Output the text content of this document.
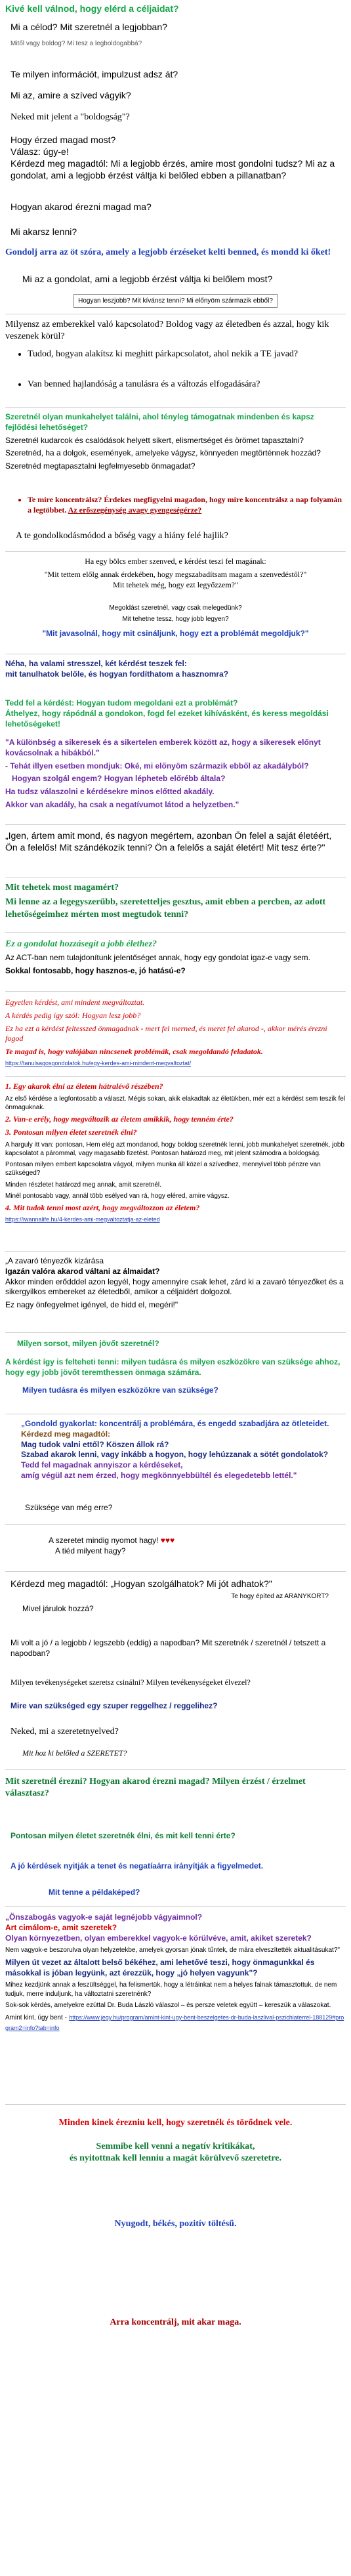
Kivé kell válnod, hogy elérd a céljaidat?

Mi a célod? Mit szeretnél a legjobban?

Mitől vagy boldog? Mi tesz a legboldogabbá?

Te milyen információt, impulzust adsz át?

Mi az, amire a szíved vágyik?

Neked mit jelent a "boldogság"?

Hogy érzed magad most?

Válasz: úgy-e!

Kérdezd meg magadtól: Mi a legjobb érzés, amire most gondolni tudsz? Mi az a gondolat, ami a legjobb érzést váltja ki belőled ebben a pillanatban?

Hogyan akarod érezni magad ma?

Mi akarsz lenni?

Gondolj arra az öt szóra, amely a legjobb érzéseket kelti benned, és mondd ki őket!

Mi az a gondolat, ami a legjobb érzést váltja ki belőlem most?

Hogyan leszjobb? Mit kívánsz tenni? Mi előnyöm származik ebből?

Milyensz az emberekkel való kapcsolatod? Boldog vagy az életedben és azzal, hogy kik veszenek körül?

• Tudod, hogyan alakítsz ki meghitt párkapcsolatot, ahol nekik a TE javad?
• Van benned hajlandóság a tanulásra és a változás elfogadására?

Szeretnél olyan munkahelyet találni, ahol tényleg támogatnak mindenben és kapsz fejlődési lehetőséget?

Szeretnél kudarcok és csalódások helyett sikert, elismertséget és örömet tapasztalni?

Szeretnéd, ha a dolgok, események, amelyeke vágysz, könnyeden megtörténnek hozzád?

Szeretnéd megtapasztalni legfelmyesebb önmagadat?

• Te mire koncentrálsz? Érdekes megfigyelni magadon, hogy mire koncentrálsz a nap folyamán a legtöbbet. Az erőszegénység avagy gyengeségérze?

A te gondolkodásmódod a bőség vagy a hiány felé hajlik?

Ha egy bölcs ember szenved, e kérdést teszi fel magának:

"Mit tettem előlg annak érdekében, hogy megszabadítsam magam a szenvedéstől?"

Mit tehetek még, hogy ezt legyőzzem?"

Megoldást szeretnél, vagy csak melegedünk?

Mit tehetne tessz, hogy jobb legyen?

"Mit javasolnál, hogy mit csináljunk, hogy ezt a problémát megoldjuk?"

Néha, ha valami stresszel, két kérdést teszek fel:

mit tanulhatok belőle, és hogyan fordíthatom a hasznomra?

Tedd fel a kérdést: Hogyan tudom megoldani ezt a problémát?

Áthelyez, hogy rápódnál a gondokon, fogd fel ezeket kihívásként, és keress megoldási lehetőségeket!

"A különbség a sikeresek és a sikertelen emberek között az, hogy a sikeresek előnyt kovácsolnak a hibákból."

- Tehát illyen esetben mondjuk: Oké, mi előnyöm származik ebből az akadályból?

Hogyan szolgál engem? Hogyan lépheteb előrébb általa?

Ha tudsz válaszolni e kérdésekre minos előtted akadály.

Akkor van akadály, ha csak a negatívumot látod a helyzetben."

„Igen, ártem amit mond, és nagyon megértem, azonban Ön felel a saját életéért, Ön a felelős! Mit szándékozik tenni? Ön a felelős a saját életért! Mit tesz érte?"

Mit tehetek most magamért?

Mi lenne az a legegyszerűbb, szeretetteljes gesztus, amit ebben a percben, az adott lehetőségeimhez mérten most megtudok tenni?

Ez a gondolat hozzásegít a jobb élethez?

Az ACT-ban nem tulajdonítunk jelentőséget annak, hogy egy gondolat igaz-e vagy sem.

Sokkal fontosabb, hogy hasznos-e, jó hatású-e?

Egyetlen kérdést, ami mindent megváltoztat.

A kérdés pedig így szól: Hogyan lesz jobb?

Ez ha ezt a kérdést feltesszed önmagadnak - mert fel merned, és meret fel akarod -, akkor mérés érezni fogod

Te magad is, hogy valójában nincsenek problémák, csak megoldandó feladatok.

https://tanulsagosgondolatok.hu/egy-kerdes-ami-mindent-megvaltoztat/

1. Egy akarok élni az életem hátralévő részében?

Az első kérdése a legfontosabb a választ. Mégis sokan, akik elakadtak az életükben, mér ezt a kérdést sem teszik fel önmaguknak.

2. Van-e erély, hogy megváltozik az életem amikkik, hogy tenném érte?

3. Pontosan milyen életet szeretnék élni?

A harguly itt van: pontosan, Hem elég azt mondanod, hogy boldog szeretnék lenni, jobb munkahelyet szeretnék, jobb kapcsolatot a párommal, vagy magasabb fizetést. Pontosan határozd meg, mit jelent számodra a boldogság.

Pontosan milyen embert kapcsolatra vágyol, milyen munka áll közel a szívedhez, mennyivel több pénzre van szükséged?

Minden részletet határozd meg annak, amit szeretnél.

Minél pontosabb vagy, annál több esélyed van rá, hogy eléred, amire vágysz.

4. Mit tudok tenni most azért, hogy megváltozzon az életem?

https://iwannalife.hu/4-kerdes-ami-megvaltoztatja-az-eleted

„A zavaró tényezők kizárása

Igazán valóra akarod váltani az álmaidat?

Akkor minden erődddel azon legyél, hogy amennyire csak lehet, zárd ki a zavaró tényezőket és a sikergyilkos embereket az életedből, amikor a céljaidért dolgozol.

Ez nagy önfegyelmet igényel, de hidd el, megéri!"

Milyen sorsot, milyen jövőt szeretnél?

A kérdést így is felteheti tenni: milyen tudásra és milyen eszközökre van szüksége ahhoz, hogy egy jobb jövőt teremthessen önmaga számára.

Milyen tudásra és milyen eszközökre van szüksége?

„Gondold gyakorlat: koncentrálj a problémára, és engedd szabadjára az ötleteidet.

Kérdezd meg magadtól:

Mag tudok valni ettől? Köszen állok rá?

Szabad akarok lenni, vagy inkább a hogyon, hogy lehúzzanak a sötét gondolatok?

Tedd fel magadnak annyiszor a kérdéseket,

amíg végül azt nem érzed, hogy megkönnyebbültél és elegedetebb lettél."

Szüksége van még erre?

A szeretet mindig nyomot hagy! ♥♥♥

A tiéd milyent hagy?

Kérdezd meg magadtól: „Hogyan szolgálhatok? Mi jót adhatok?"

Te hogy építed az ARANYKORT?

Mivel járulok hozzá?

Mi volt a jó / a legjobb / legszebb (eddig) a napodban? Mit szeretnék / szeretnél / tetszett a napodban?

Milyen tevékenységeket szeretsz csinálni? Milyen tevékenységeket élvezel?

Mire van szükséged egy szuper reggelhez / reggelihez?

Neked, mi a szeretetnyelved?

Mit hoz ki belőled a SZERETET?

Mit szeretnél érezni? Hogyan akarod érezni magad? Milyen érzést / érzelmet választasz?

Pontosan milyen életet szeretnék élni, és mit kell tenni érte?

A jó kérdések nyitják a tenet és negatíaárra irányítják a figyelmedet.

Mit tenne a példaképed?

„Önszabogás vagyok-e saját legnéjobb vágyaimnol?

Art cimálom-e, amit szeretek?

Olyan környezetben, olyan emberekkel vagyok-e körülvéve, amit, akiket szeretek?

Nem vagyok-e beszorulva olyan helyzetekbe, amelyek gyorsan jónak tűntek, de mára elveszítették aktualitásukat?"

Milyen út vezet az általott belső békéhez, ami lehetővé teszi, hogy önmagunkkal és másokkal is jóban legyünk, azt érezzük, hogy „jó helyen vagyunk"?

Mihez kezdjünk annak a feszültséggel, ha felismertük, hogy a létráinkat nem a helyes falnak támasztottuk, de nem tudjuk, merre induljunk, ha változtatni szeretnénk?

Sok-sok kérdés, amelyekre ezúttal Dr. Buda László válaszol – és persze veletek együtt – kereszük a válaszokat.

Amint kint, úgy bent - https://www.jegy.hu/program/amint-kint-ugy-bent-beszelgetes-dr-buda-laszlival-pszichiaterrel-188129#program2=info?tab=info

Minden kinek érezniu kell, hogy szeretnék és törődnek vele.

Semmibe kell venni a negatív kritikákat,

és nyitottnak kell lenniu a magát körülvevő szeretetre.

Nyugodt, békés, pozitív töltésű.

Arra koncentrálj, mit akar maga.
